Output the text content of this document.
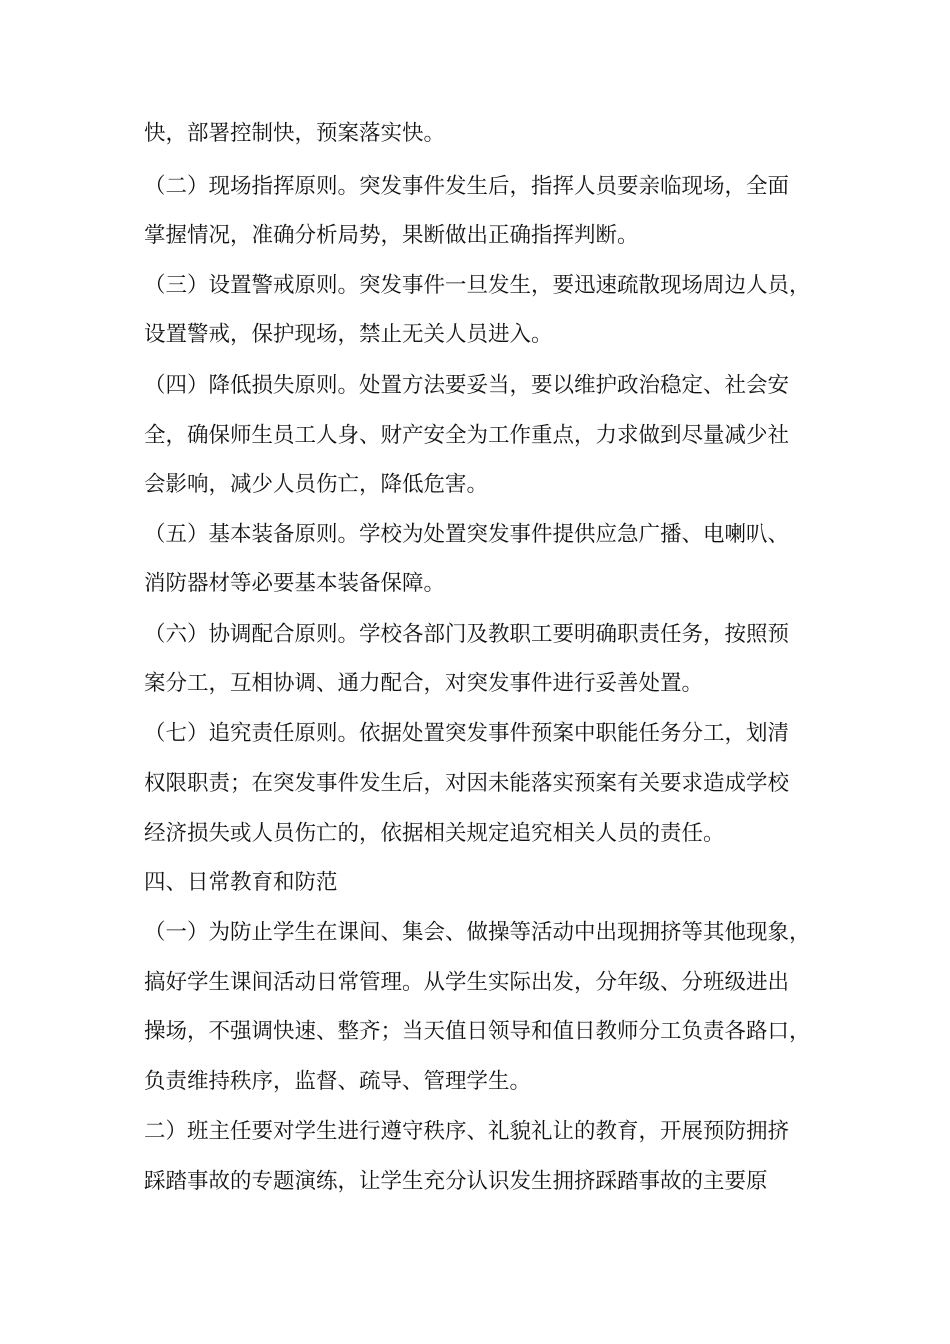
快，部署控制快，预案落实快。
（二）现场指挥原则。突发事件发生后，指挥人员要亲临现场，全面
掌握情况，准确分析局势，果断做出正确指挥判断。
（三）设置警戒原则。突发事件一旦发生，要迅速疏散现场周边人员，
设置警戒，保护现场，禁止无关人员进入。
（四）降低损失原则。处置方法要妥当，要以维护政治稳定、社会安
全，确保师生员工人身、财产安全为工作重点，力求做到尽量减少社
会影响，减少人员伤亡，降低危害。
（五）基本装备原则。学校为处置突发事件提供应急广播、电喇叭、
消防器材等必要基本装备保障。
（六）协调配合原则。学校各部门及教职工要明确职责任务，按照预
案分工，互相协调、通力配合，对突发事件进行妥善处置。
（七）追究责任原则。依据处置突发事件预案中职能任务分工，划清
权限职责；在突发事件发生后，对因未能落实预案有关要求造成学校
经济损失或人员伤亡的，依据相关规定追究相关人员的责任。
四、日常教育和防范
（一）为防止学生在课间、集会、做操等活动中出现拥挤等其他现象，
搞好学生课间活动日常管理。从学生实际出发，分年级、分班级进出
操场，不强调快速、整齐；当天值日领导和值日教师分工负责各路口，
负责维持秩序，监督、疏导、管理学生。
二）班主任要对学生进行遵守秩序、礼貌礼让的教育，开展预防拥挤
踩踏事故的专题演练，让学生充分认识发生拥挤踩踏事故的主要原
